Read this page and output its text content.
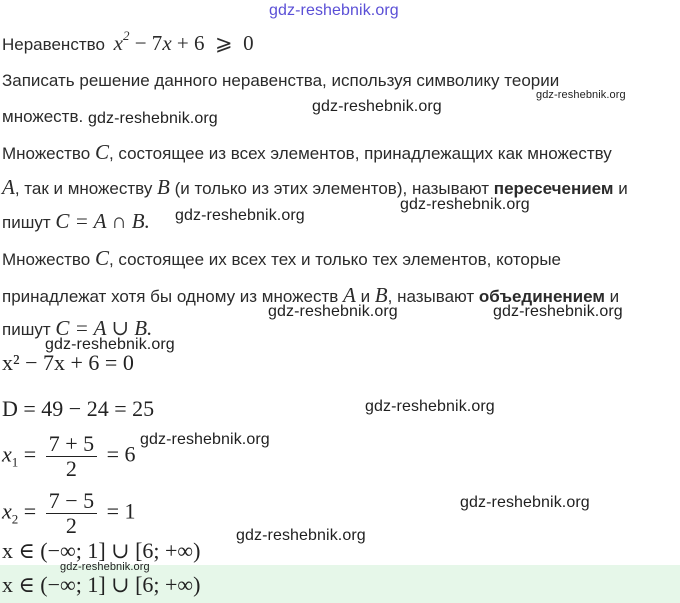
gdz-reshebnik.org
Неравенство $x^2 - 7x + 6$  ⩾  0
Записать решение данного неравенства, используя символику теории
множеств.
Множество C, состоящее из всех элементов, принадлежащих как множеству
A, так и множеству B (и только из этих элементов), называют пересечением и
пишут C = A ∩ B.
Множество C, состоящее их всех тех и только тех элементов, которые
принадлежат хотя бы одному из множеств A и B, называют объединением и
пишут C = A ∪ B.
x² − 7x + 6 = 0
D = 49 − 24 = 25
$x_1 = \frac{7 + 5}{2} = 6$
$x_2 = \frac{7 - 5}{2} = 1$
x ∈ (−∞; 1] ∪ [6; +∞)
x ∈ (−∞; 1] ∪ [6; +∞)
gdz-reshebnik.org
gdz-reshebnik.org
gdz-reshebnik.org
gdz-reshebnik.org
gdz-reshebnik.org
gdz-reshebnik.org	gdz-reshebnik.org
gdz-reshebnik.org
gdz-reshebnik.org
gdz-reshebnik.org
gdz-reshebnik.org
gdz-reshebnik.org
gdz-reshebnik.org
